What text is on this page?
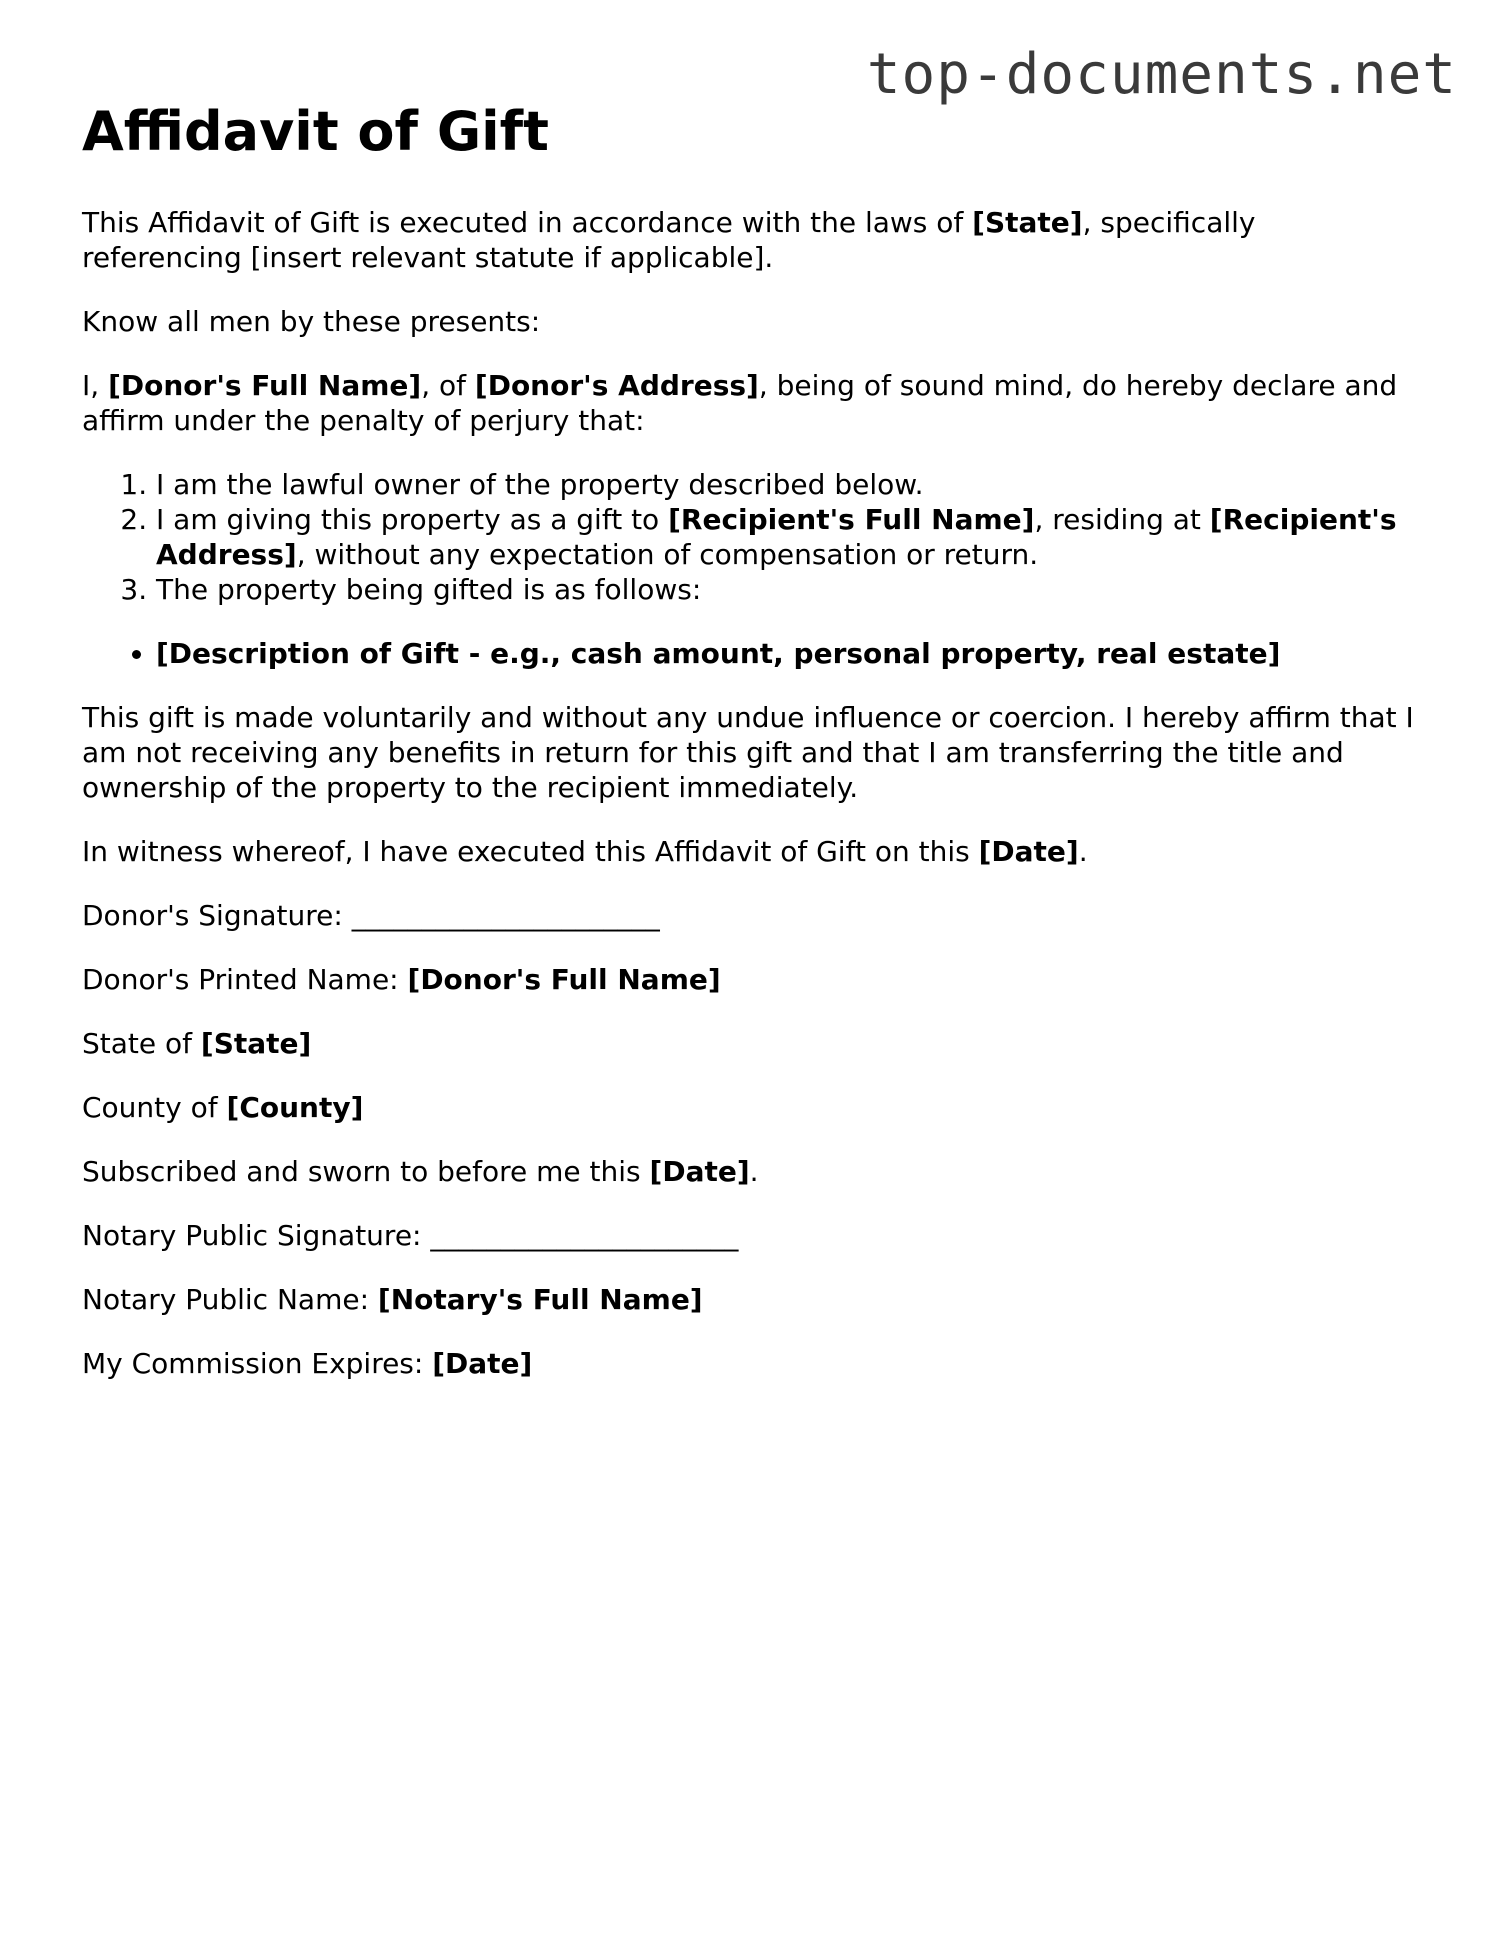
top-documents.net
Affidavit of Gift

This Affidavit of Gift is executed in accordance with the laws of [State], specifically referencing [insert relevant statute if applicable].

Know all men by these presents:

I, [Donor's Full Name], of [Donor's Address], being of sound mind, do hereby declare and affirm under the penalty of perjury that:

1. I am the lawful owner of the property described below.
2. I am giving this property as a gift to [Recipient's Full Name], residing at [Recipient's Address], without any expectation of compensation or return.
3. The property being gifted is as follows:
• [Description of Gift - e.g., cash amount, personal property, real estate]

This gift is made voluntarily and without any undue influence or coercion. I hereby affirm that I am not receiving any benefits in return for this gift and that I am transferring the title and ownership of the property to the recipient immediately.

In witness whereof, I have executed this Affidavit of Gift on this [Date].

Donor's Signature: ______________________

Donor's Printed Name: [Donor's Full Name]

State of [State]

County of [County]

Subscribed and sworn to before me this [Date].

Notary Public Signature: ______________________

Notary Public Name: [Notary's Full Name]

My Commission Expires: [Date]
